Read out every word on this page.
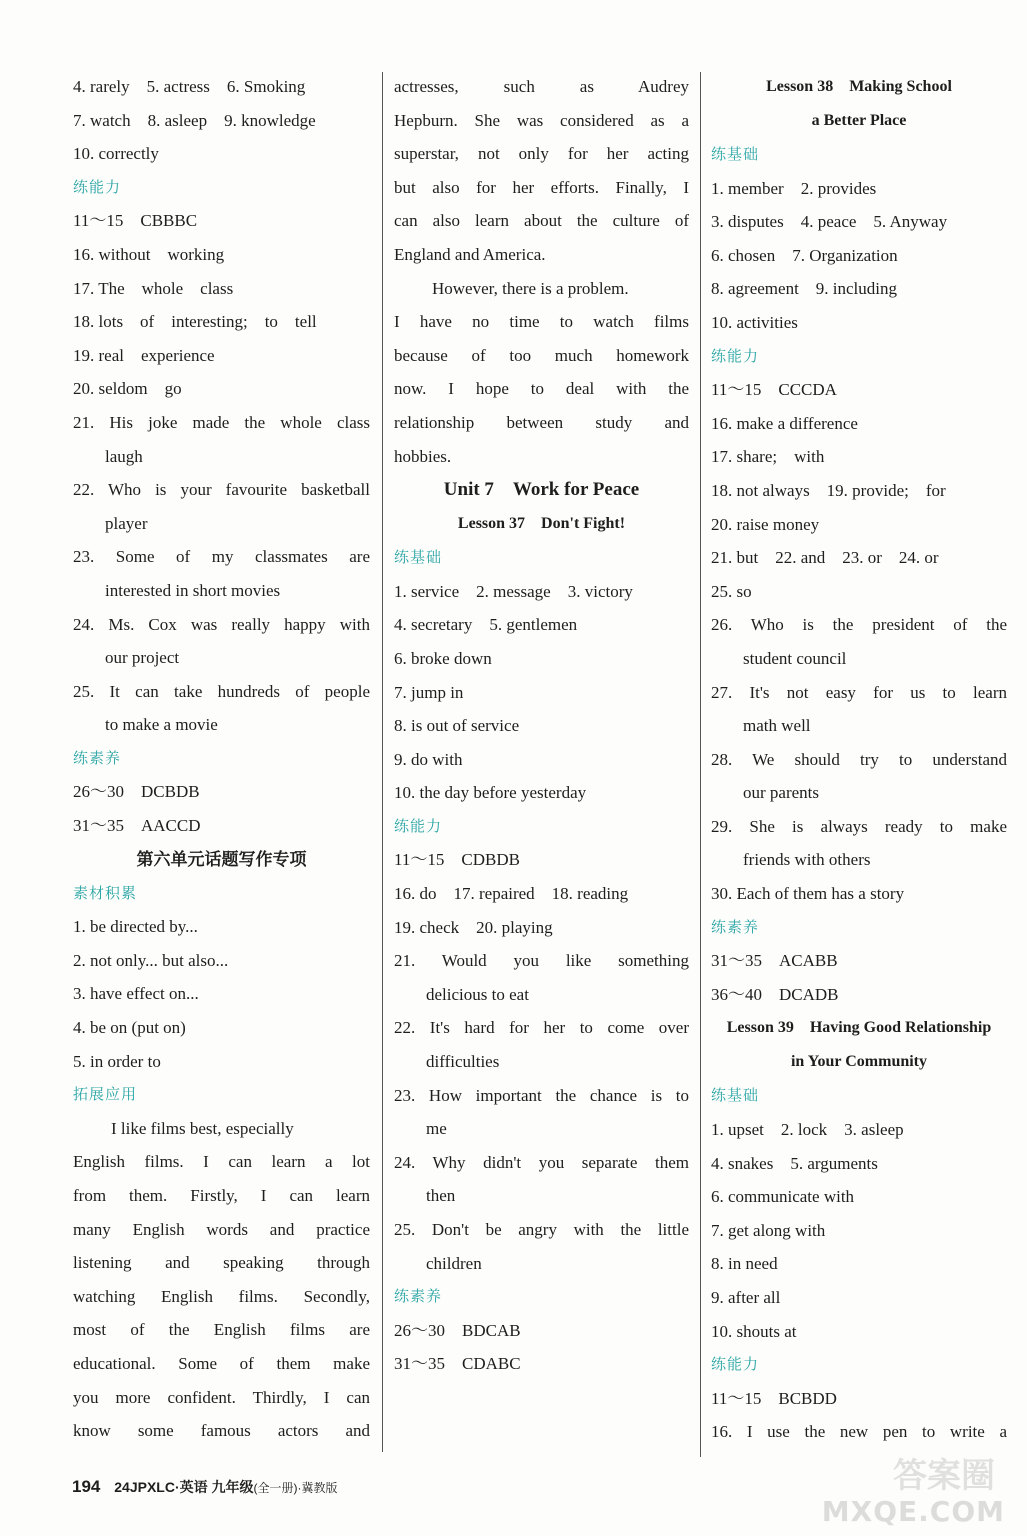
4. rarely　5. actress　6. Smoking
7. watch　8. asleep　9. knowledge
10. correctly
练能力
11～15　CBBBC
16. without　working
17. The　whole　class
18. lots　of　interesting;　to　tell
19. real　experience
20. seldom　go
21. His joke made the whole class
laugh
22. Who is your favourite basketball
player
23. Some of my classmates are
interested in short movies
24. Ms. Cox was really happy with
our project
25. It can take hundreds of people
to make a movie
练素养
26～30　DCBDB
31～35　AACCD
第六单元话题写作专项
素材积累
1. be directed by...
2. not only... but also...
3. have effect on...
4. be on (put on)
5. in order to
拓展应用
I like films best, especially
English films. I can learn a lot
from them. Firstly, I can learn
many English words and practice
listening and speaking through
watching English films. Secondly,
most of the English films are
educational. Some of them make
you more confident. Thirdly, I can
know some famous actors and
actresses, such as Audrey
Hepburn. She was considered as a
superstar, not only for her acting
but also for her efforts. Finally, I
can also learn about the culture of
England and America.
However, there is a problem.
I have no time to watch films
because of too much homework
now. I hope to deal with the
relationship between study and
hobbies.
Unit 7　Work for Peace
Lesson 37　Don't Fight!
练基础
1. service　2. message　3. victory
4. secretary　5. gentlemen
6. broke down
7. jump in
8. is out of service
9. do with
10. the day before yesterday
练能力
11～15　CDBDB
16. do　17. repaired　18. reading
19. check　20. playing
21. Would you like something
delicious to eat
22. It's hard for her to come over
difficulties
23. How important the chance is to
me
24. Why didn't you separate them
then
25. Don't be angry with the little
children
练素养
26～30　BDCAB
31～35　CDABC
Lesson 38　Making School
a Better Place
练基础
1. member　2. provides
3. disputes　4. peace　5. Anyway
6. chosen　7. Organization
8. agreement　9. including
10. activities
练能力
11～15　CCCDA
16. make a difference
17. share;　with
18. not always　19. provide;　for
20. raise money
21. but　22. and　23. or　24. or
25. so
26. Who is the president of the
student council
27. It's not easy for us to learn
math well
28. We should try to understand
our parents
29. She is always ready to make
friends with others
30. Each of them has a story
练素养
31～35　ACABB
36～40　DCADB
Lesson 39　Having Good Relationship
in Your Community
练基础
1. upset　2. lock　3. asleep
4. snakes　5. arguments
6. communicate with
7. get along with
8. in need
9. after all
10. shouts at
练能力
11～15　BCBDD
16. I use the new pen to write a
194 24JPXLC·英语 九年级(全一册)·冀教版	答案圈
MXQE.COM
